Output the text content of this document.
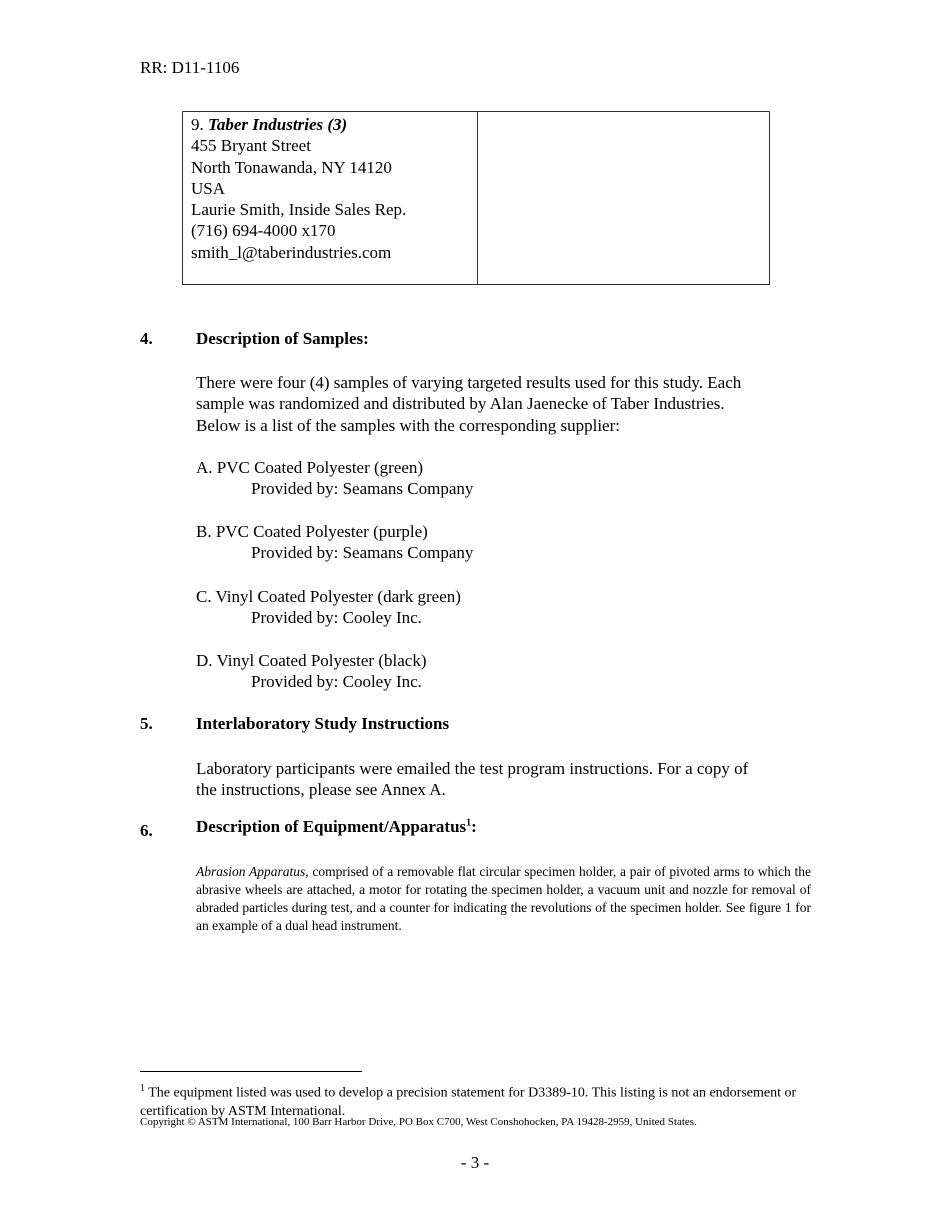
RR: D11-1106
9. Taber Industries (3)
455 Bryant Street
North Tonawanda, NY 14120
USA
Laurie Smith, Inside Sales Rep.
(716) 694-4000 x170
smith_l@taberindustries.com
4.	Description of Samples:
There were four (4) samples of varying targeted results used for this study. Each
sample was randomized and distributed by Alan Jaenecke of Taber Industries.
Below is a list of the samples with the corresponding supplier:
A. PVC Coated Polyester (green)
Provided by: Seamans Company
B. PVC Coated Polyester (purple)
Provided by: Seamans Company
C. Vinyl Coated Polyester (dark green)
Provided by: Cooley Inc.
D. Vinyl Coated Polyester (black)
Provided by: Cooley Inc.
5.	Interlaboratory Study Instructions
Laboratory participants were emailed the test program instructions. For a copy of
the instructions, please see Annex A.
6.	Description of Equipment/Apparatus$^1$:
Abrasion Apparatus, comprised of a removable flat circular specimen holder, a pair of pivoted arms to which the abrasive wheels are attached, a motor for rotating the specimen holder, a vacuum unit and nozzle for removal of abraded particles during test, and a counter for indicating the revolutions of the specimen holder. See figure 1 for an example of a dual head instrument.
$^1$ The equipment listed was used to develop a precision statement for D3389-10. This listing is not an endorsement or certification by ASTM International.
Copyright © ASTM International, 100 Barr Harbor Drive, PO Box C700, West Conshohocken, PA 19428-2959, United States.
- 3 -
